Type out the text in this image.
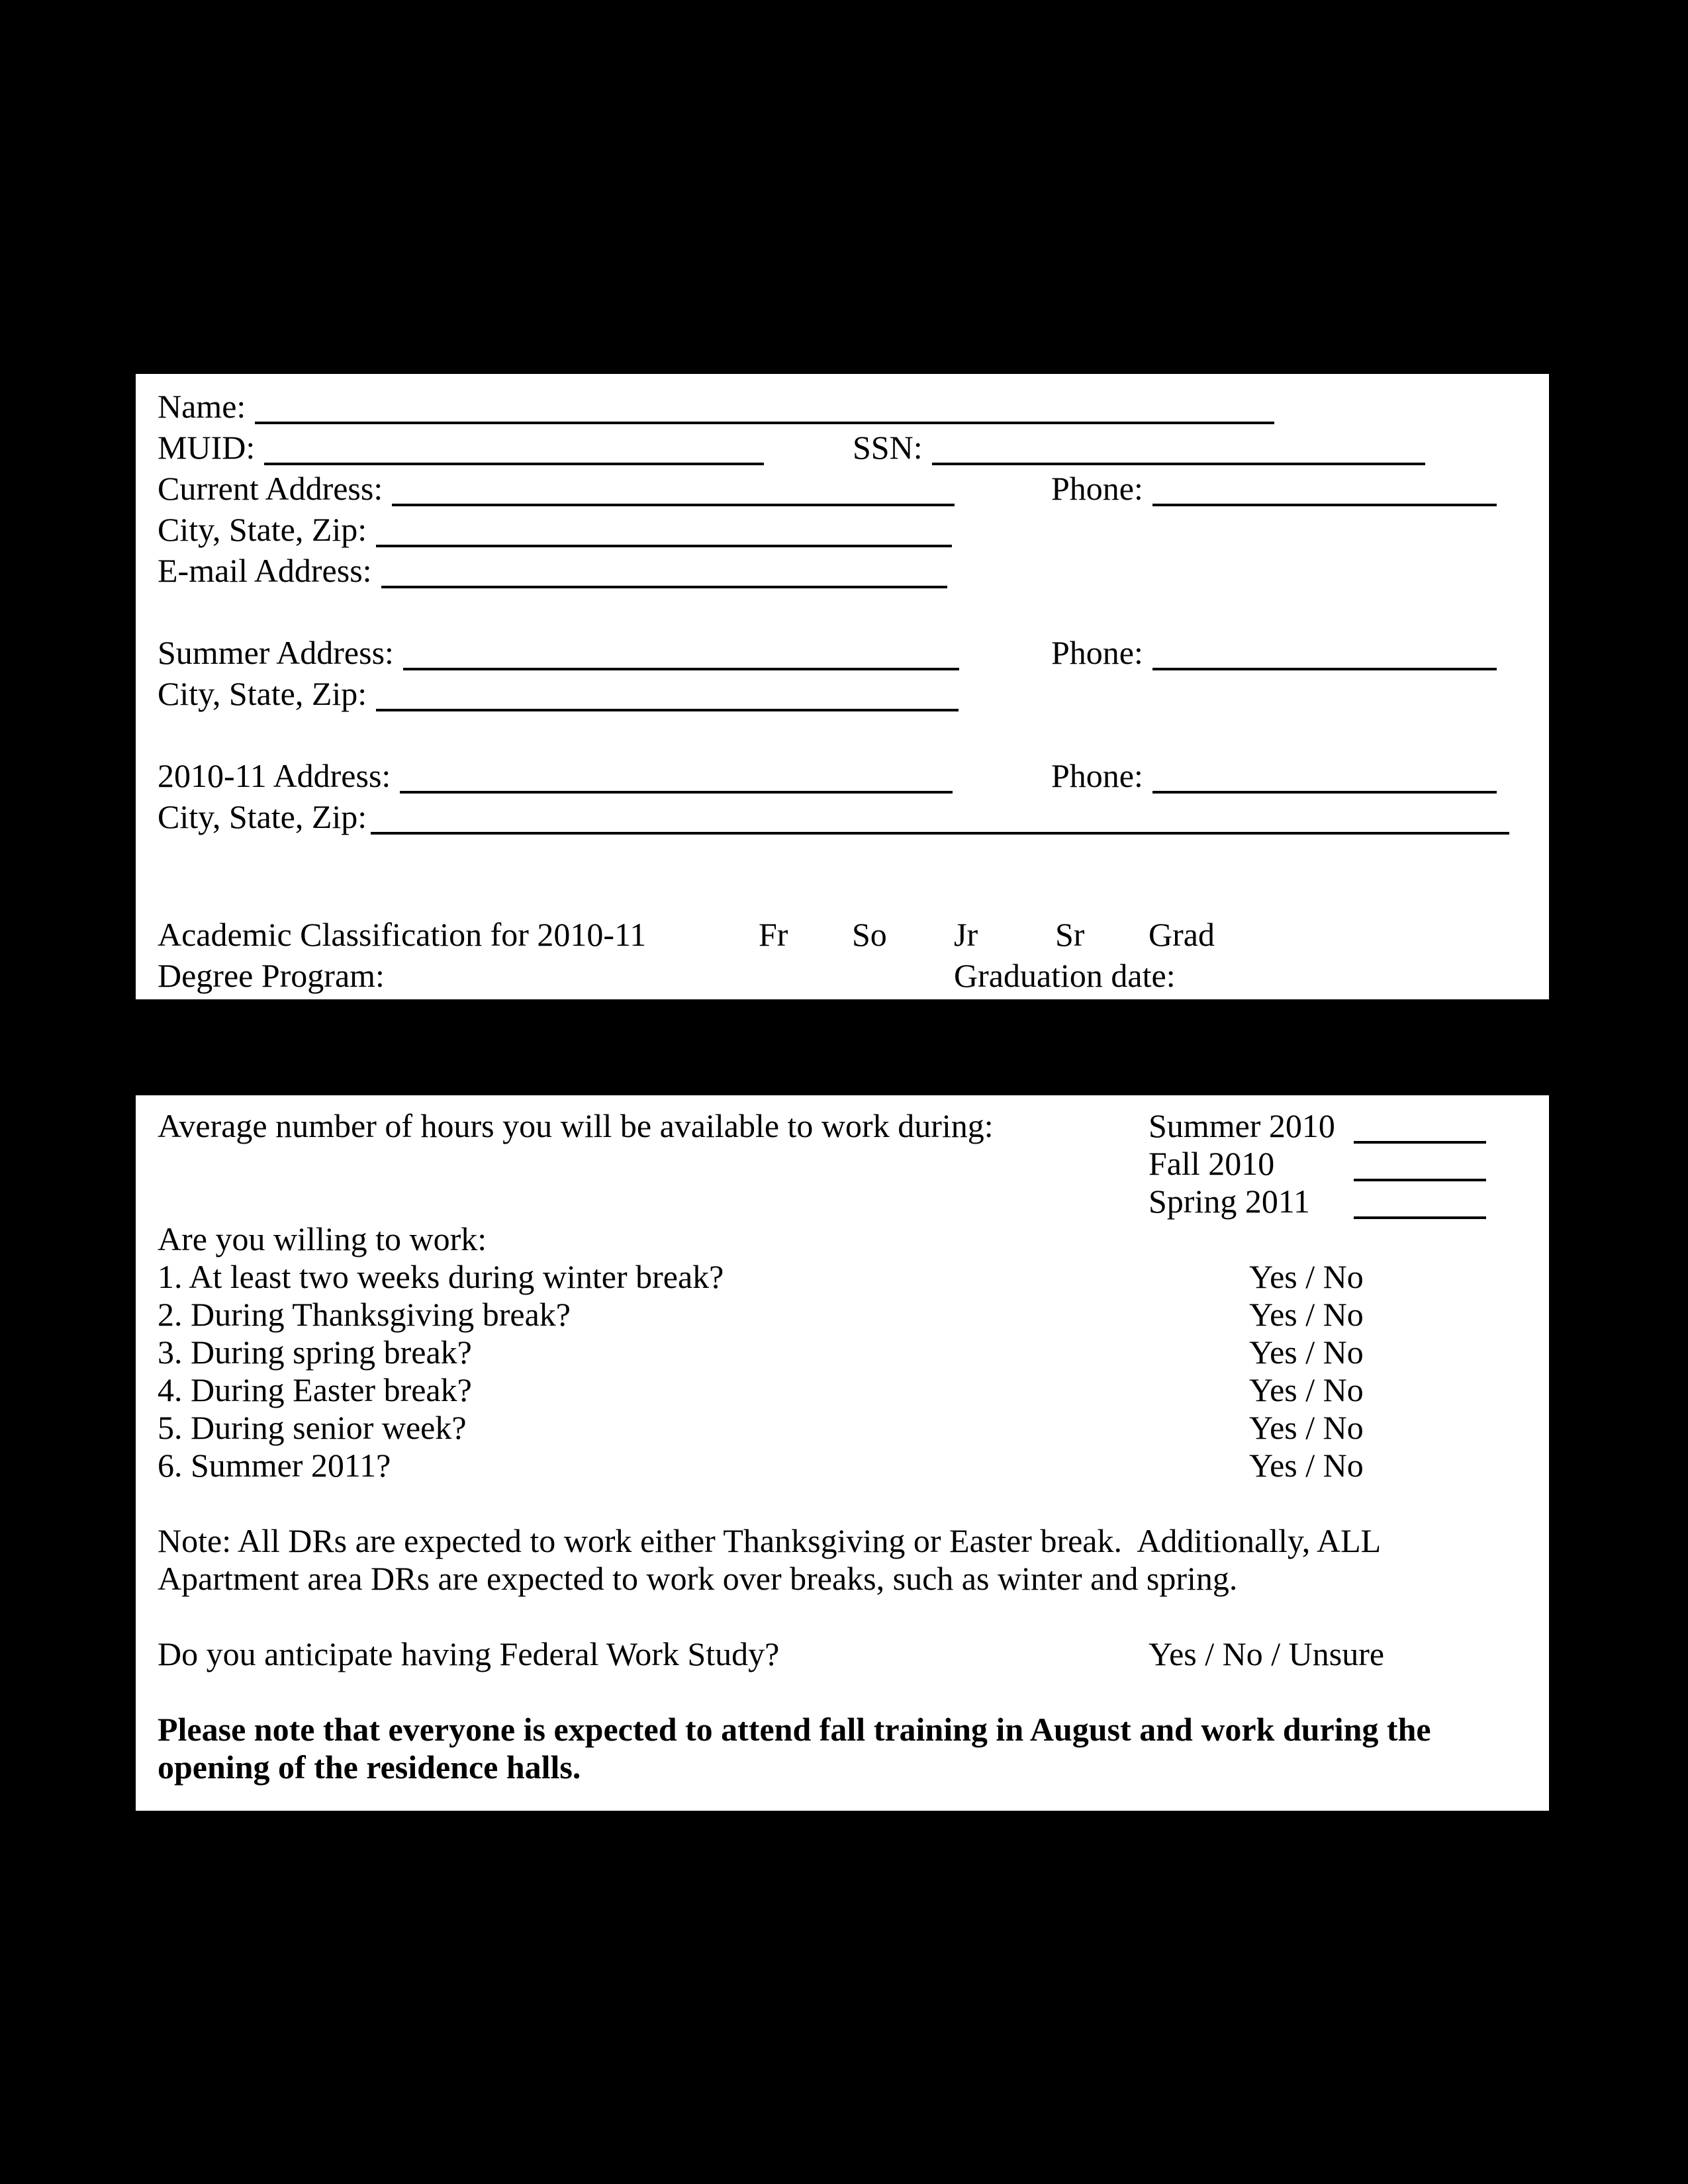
Name:
MUID:	SSN:
Current Address:	Phone:
City, State, Zip:
E-mail Address:
Summer Address:	Phone:
City, State, Zip:
2010-11 Address:	Phone:
City, State, Zip:
Academic Classification for 2010-11	Fr So Jr Sr Grad
Degree Program:	Graduation date:
Average number of hours you will be available to work during:	Summer 2010
Fall 2010
Spring 2011
Are you willing to work:
1. At least two weeks during winter break?	Yes / No
2. During Thanksgiving break?	Yes / No
3. During spring break?	Yes / No
4. During Easter break?	Yes / No
5. During senior week?	Yes / No
6. Summer 2011?	Yes / No
Note: All DRs are expected to work either Thanksgiving or Easter break.  Additionally, ALL
Apartment area DRs are expected to work over breaks, such as winter and spring.
Do you anticipate having Federal Work Study?	Yes / No / Unsure
Please note that everyone is expected to attend fall training in August and work during the
opening of the residence halls.
